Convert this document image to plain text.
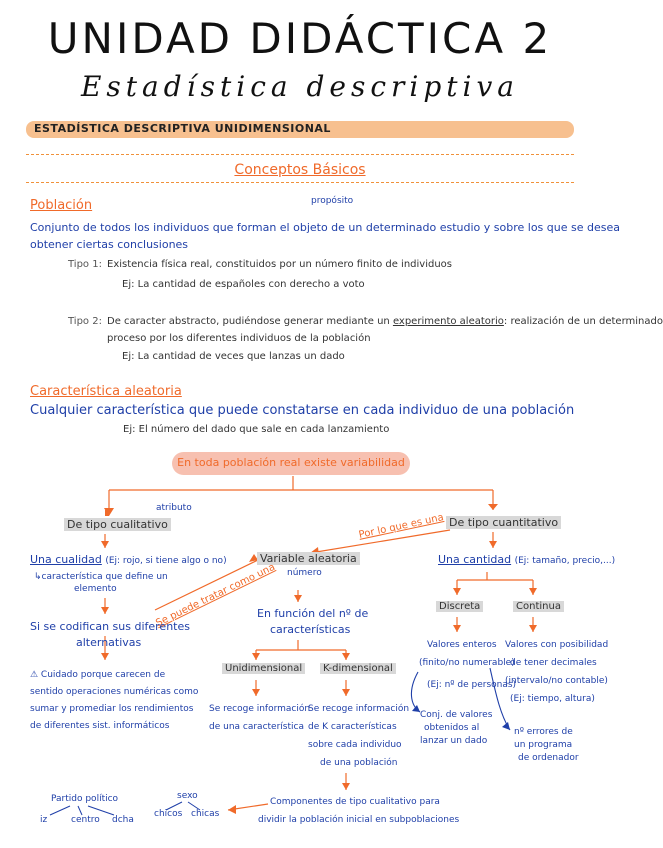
UNIDAD DIDÁCTICA 2
Estadística descriptiva
ESTADÍSTICA DESCRIPTIVA UNIDIMENSIONAL
Conceptos Básicos
Población	propósito
Conjunto de todos los individuos que forman el objeto de un determinado estudio y sobre los que se desea
obtener ciertas conclusiones
Tipo 1: Existencia física real, constituidos por un número finito de individuos
Ej: La cantidad de españoles con derecho a voto
Tipo 2: De caracter abstracto, pudiéndose generar mediante un experimento aleatorio: realización de un determinado
proceso por los diferentes individuos de la población
Ej: La cantidad de veces que lanzas un dado
Característica aleatoria
Cualquier característica que puede constatarse en cada individuo de una población
Ej: El número del dado que sale en cada lanzamiento
En toda población real existe variabilidad
atributo
De tipo cualitativo	De tipo cuantitativo
Por lo que es una
Variable aleatoria
número
Se puede tratar como una
Una cualidad (Ej: rojo, si tiene algo o no)
↳característica que define un
elemento
Si se codifican sus diferentes
alternativas
⚠ Cuidado porque carecen de
sentido operaciones numéricas como
sumar y promediar los rendimientos
de diferentes sist. informáticos
En función del nº de
características
Unidimensional	K-dimensional
Se recoge información
de una característica
Se recoge información
de K características
sobre cada individuo
de una población
Componentes de tipo cualitativo para
dividir la población inicial en subpoblaciones
Una cantidad (Ej: tamaño, precio,...)
Discreta	Continua
Valores enteros
(finito/no numerable)
(Ej: nº de personas)
Conj. de valores
obtenidos al
lanzar un dado
Valores con posibilidad
de tener decimales
(intervalo/no contable)
(Ej: tiempo, altura)
nº errores de
un programa
de ordenador
Partido político
iz	centro dcha
sexo
chicos chicas
